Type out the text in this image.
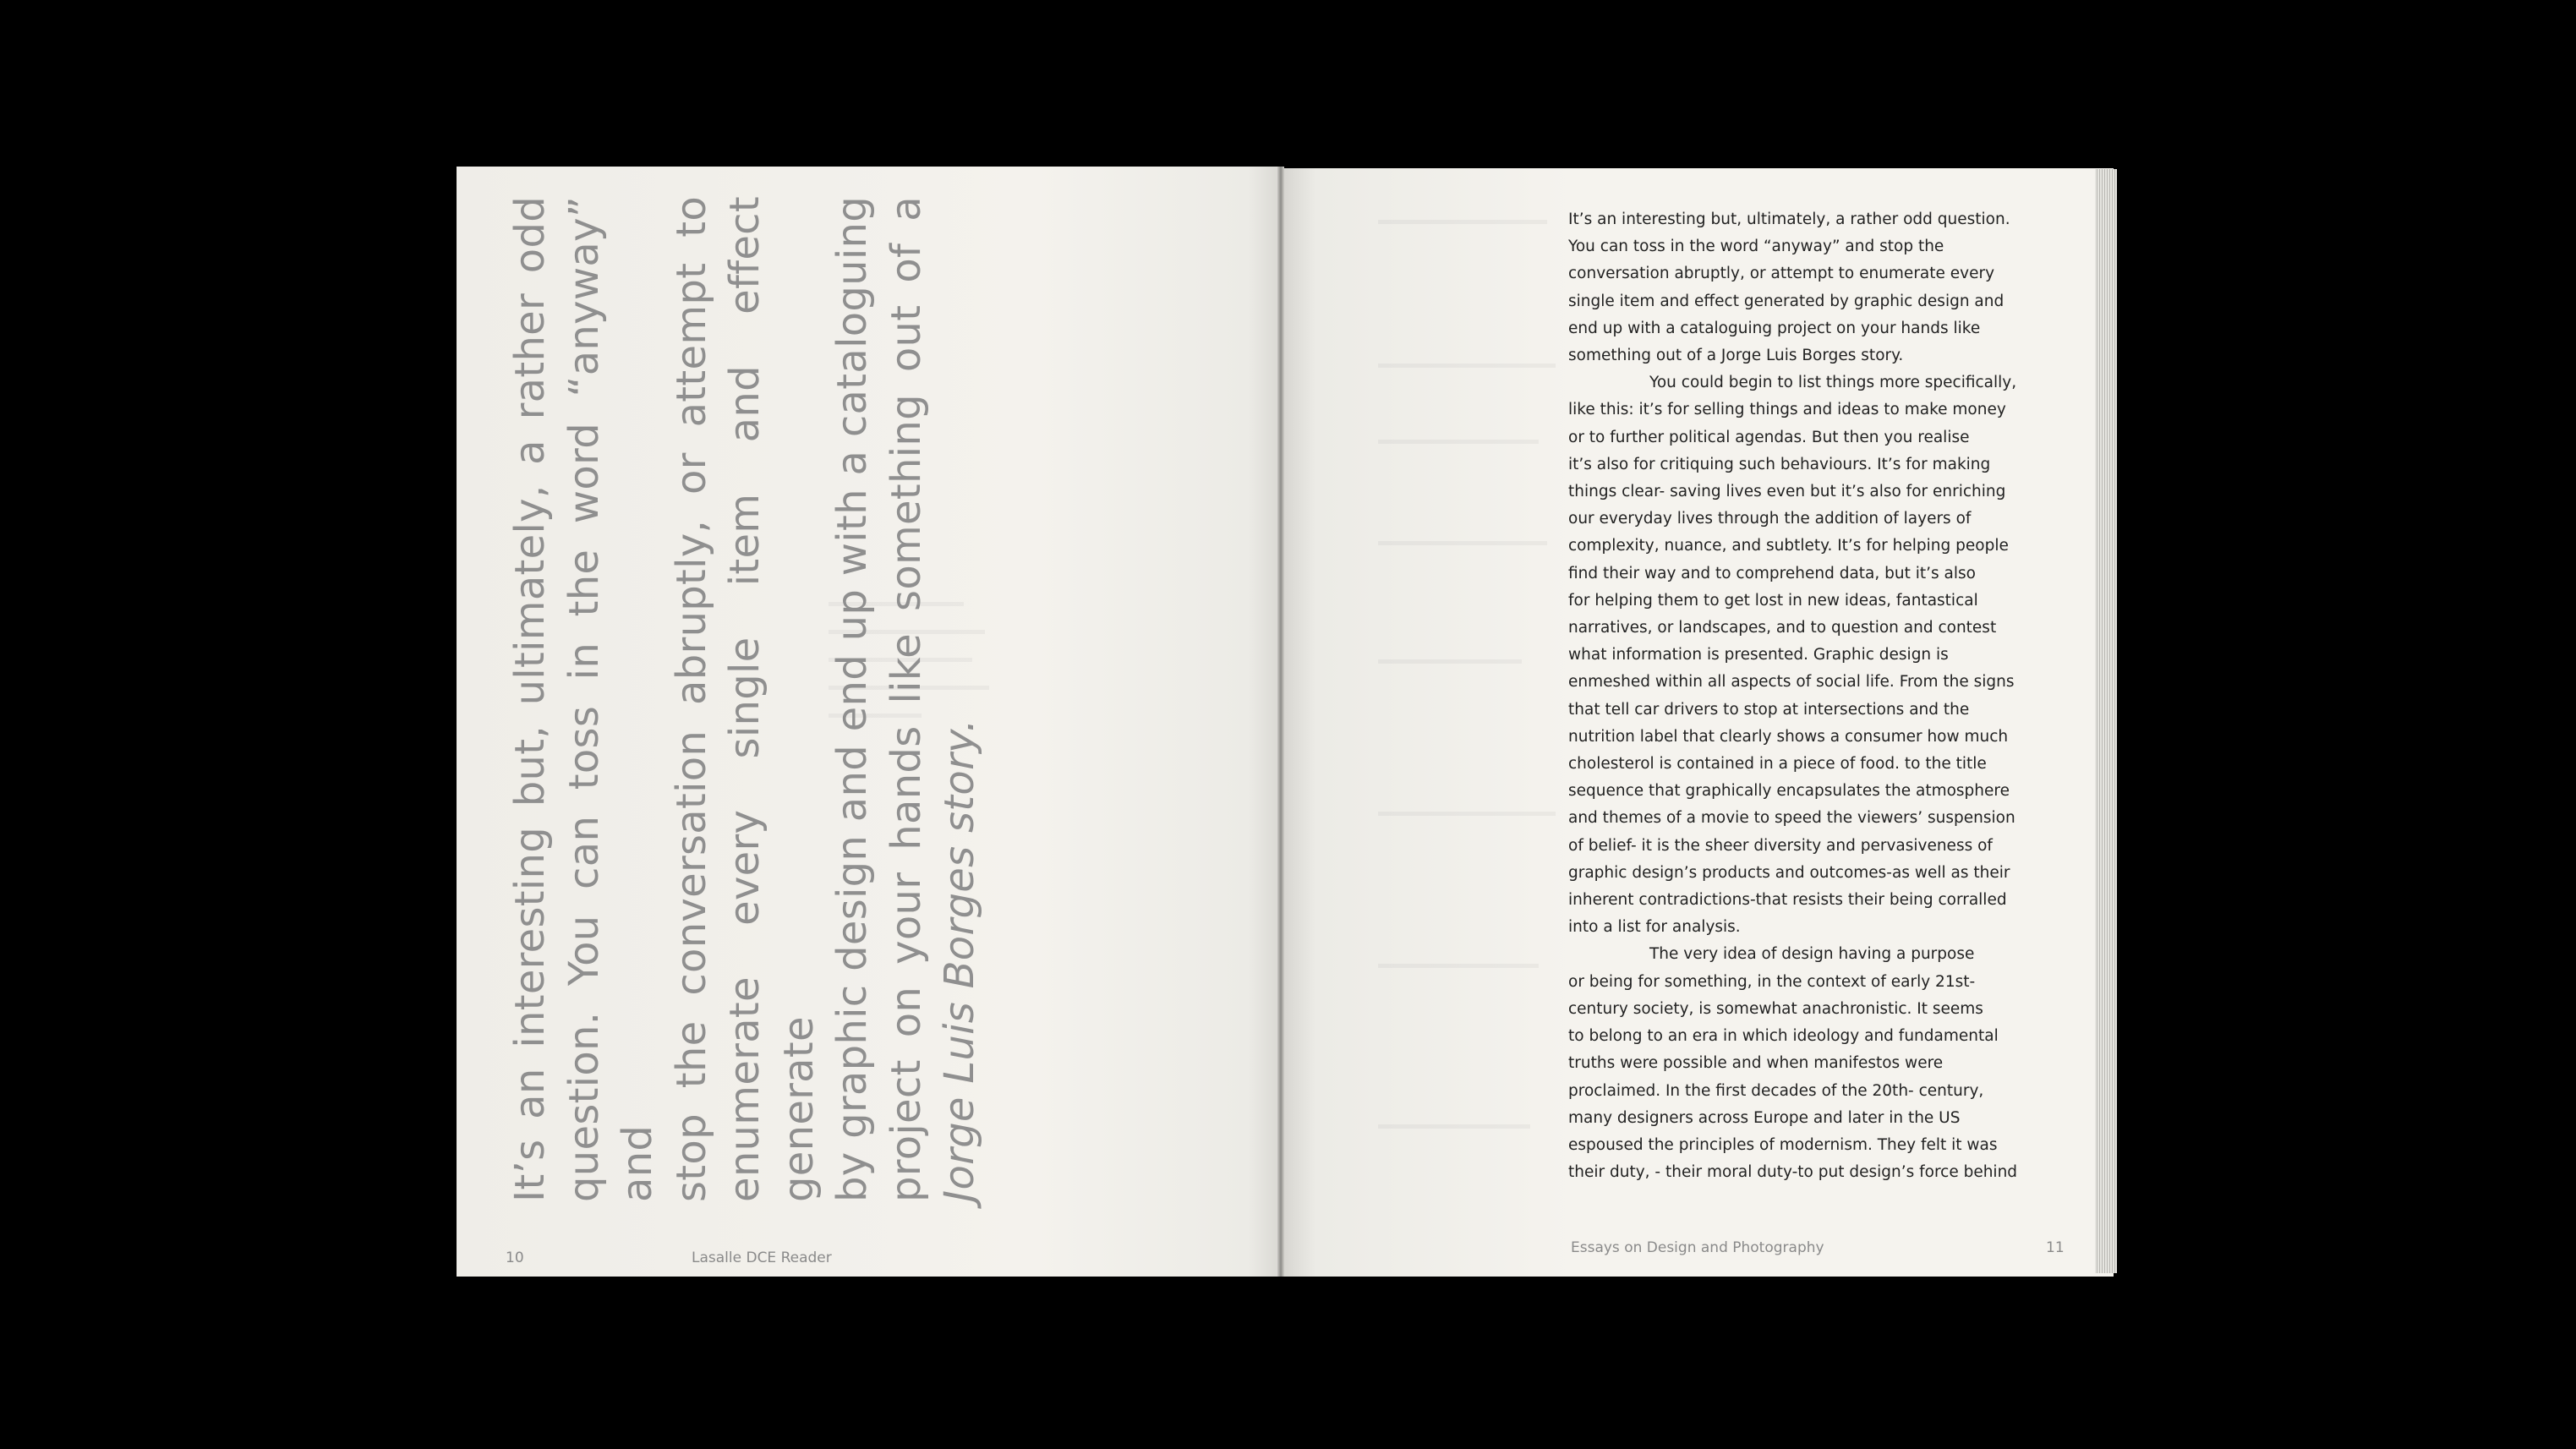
It’s an interesting but, ultimately, a rather odd question. You can toss in the word “anyway” and stop the conversation abruptly, or attempt to enumerate every single item and effect generate by graphic design and end up with a cataloguing project on your hands like something out of a Jorge Luis Borges story.
10	Lasalle DCE Reader
It’s an interesting but, ultimately, a rather odd question.
You can toss in the word “anyway” and stop the
conversation abruptly, or attempt to enumerate every
single item and effect generated by graphic design and
end up with a cataloguing project on your hands like
something out of a Jorge Luis Borges story.
You could begin to list things more specifically,
like this: it’s for selling things and ideas to make money
or to further political agendas. But then you realise
it’s also for critiquing such behaviours. It’s for making
things clear- saving lives even but it’s also for enriching
our everyday lives through the addition of layers of
complexity, nuance, and subtlety. It’s for helping people
find their way and to comprehend data, but it’s also
for helping them to get lost in new ideas, fantastical
narratives, or landscapes, and to question and contest
what information is presented. Graphic design is
enmeshed within all aspects of social life. From the signs
that tell car drivers to stop at intersections and the
nutrition label that clearly shows a consumer how much
cholesterol is contained in a piece of food. to the title
sequence that graphically encapsulates the atmosphere
and themes of a movie to speed the viewers’ suspension
of belief- it is the sheer diversity and pervasiveness of
graphic design’s products and outcomes-as well as their
inherent contradictions-that resists their being corralled
into a list for analysis.
The very idea of design having a purpose
or being for something, in the context of early 21st-
century society, is somewhat anachronistic. It seems
to belong to an era in which ideology and fundamental
truths were possible and when manifestos were
proclaimed. In the first decades of the 20th- century,
many designers across Europe and later in the US
espoused the principles of modernism. They felt it was
their duty, - their moral duty-to put design’s force behind
Essays on Design and Photography	11
